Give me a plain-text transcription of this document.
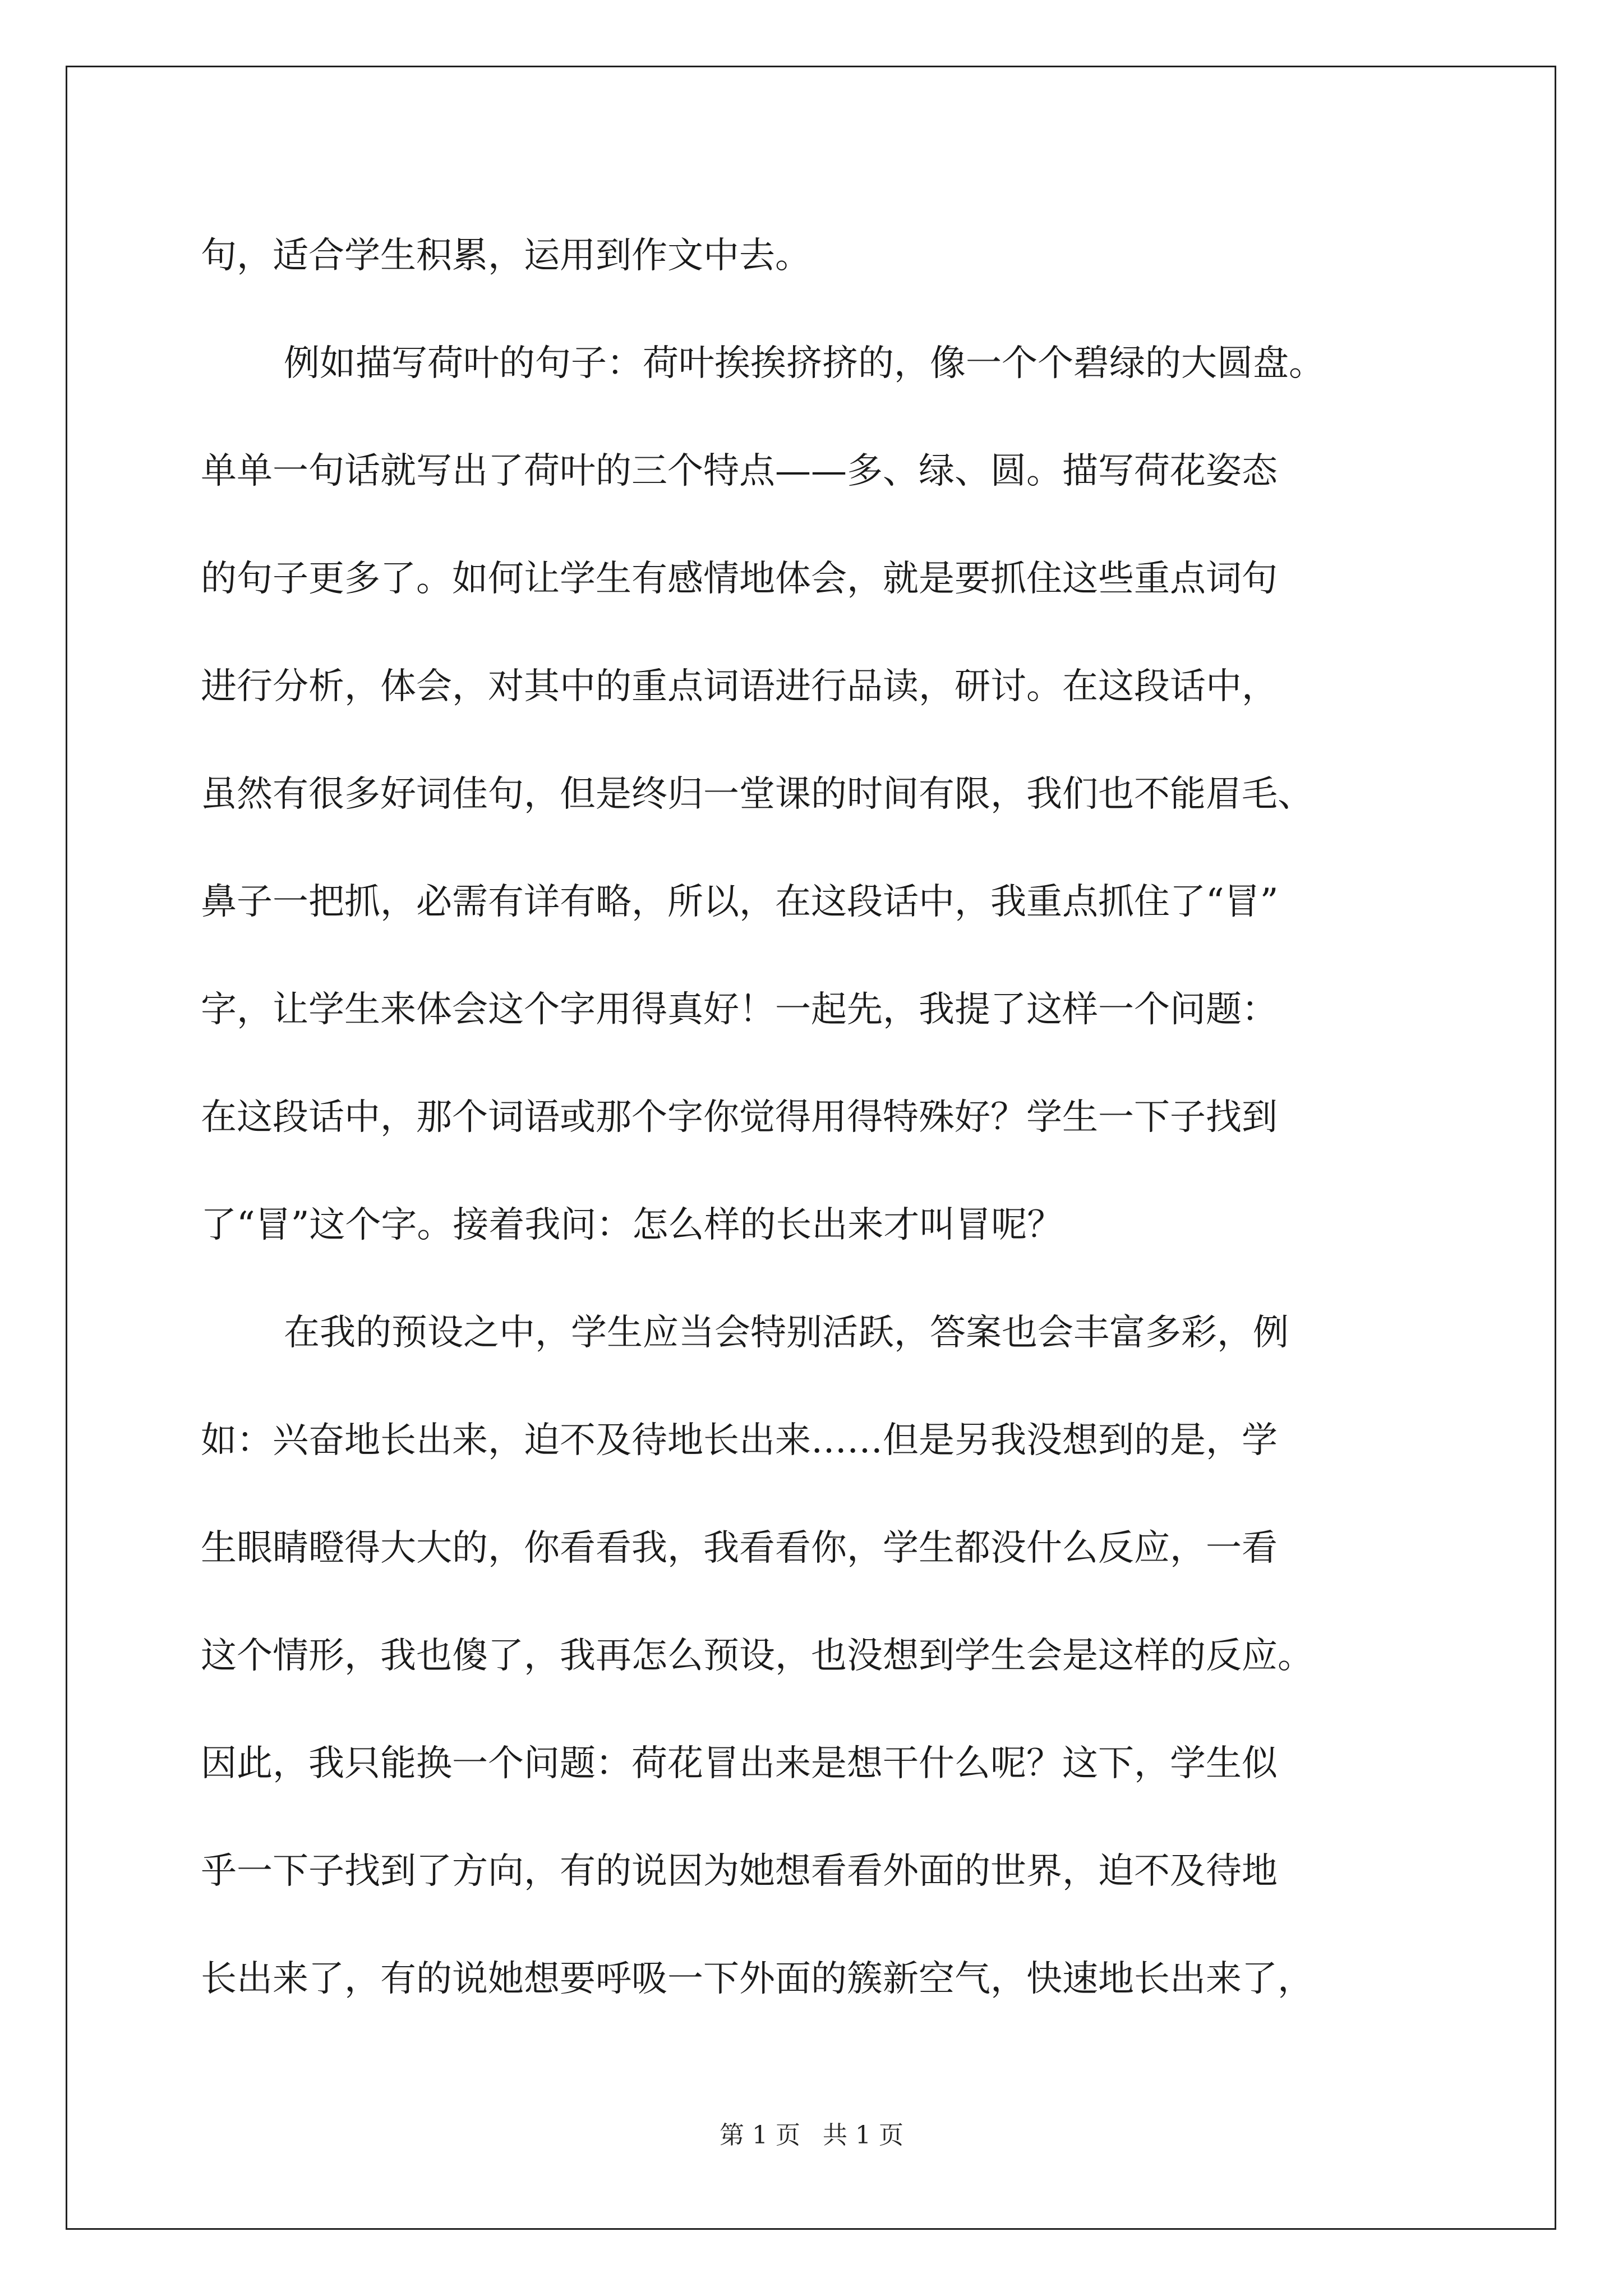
句，适合学生积累，运用到作文中去。
例如描写荷叶的句子：荷叶挨挨挤挤的，像一个个碧绿的大圆盘。
单单一句话就写出了荷叶的三个特点——多、绿、圆。描写荷花姿态
的句子更多了。如何让学生有感情地体会，就是要抓住这些重点词句
进行分析，体会，对其中的重点词语进行品读，研讨。在这段话中，
虽然有很多好词佳句，但是终归一堂课的时间有限，我们也不能眉毛、
鼻子一把抓，必需有详有略，所以，在这段话中，我重点抓住了“冒”
字，让学生来体会这个字用得真好！一起先，我提了这样一个问题：
在这段话中，那个词语或那个字你觉得用得特殊好？学生一下子找到
了“冒”这个字。接着我问：怎么样的长出来才叫冒呢？
在我的预设之中，学生应当会特别活跃，答案也会丰富多彩，例
如：兴奋地长出来，迫不及待地长出来……但是另我没想到的是，学
生眼睛瞪得大大的，你看看我，我看看你，学生都没什么反应，一看
这个情形，我也傻了，我再怎么预设，也没想到学生会是这样的反应。
因此，我只能换一个问题：荷花冒出来是想干什么呢？这下，学生似
乎一下子找到了方向，有的说因为她想看看外面的世界，迫不及待地
长出来了，有的说她想要呼吸一下外面的簇新空气，快速地长出来了，
第 1 页 共 1 页
